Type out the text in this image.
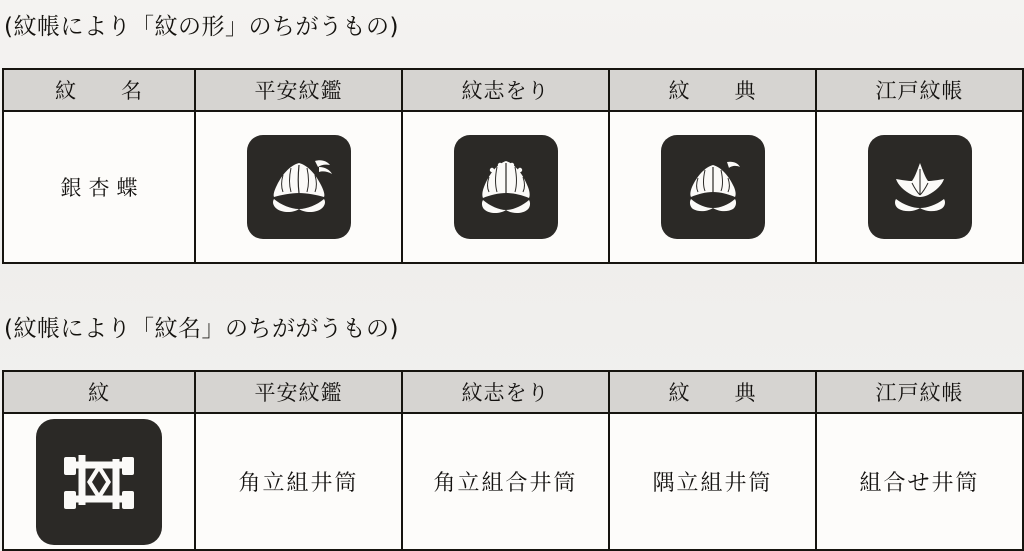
(紋帳により「紋の形」のちがうもの)
紋　　名	平安紋鑑	紋志をり	紋　　典	江戸紋帳
銀杏蝶	

(紋帳により「紋名」のちががうもの)
紋	平安紋鑑	紋志をり	紋　　典	江戸紋帳

	角立組井筒	角立組合井筒	隅立組井筒	組合せ井筒
